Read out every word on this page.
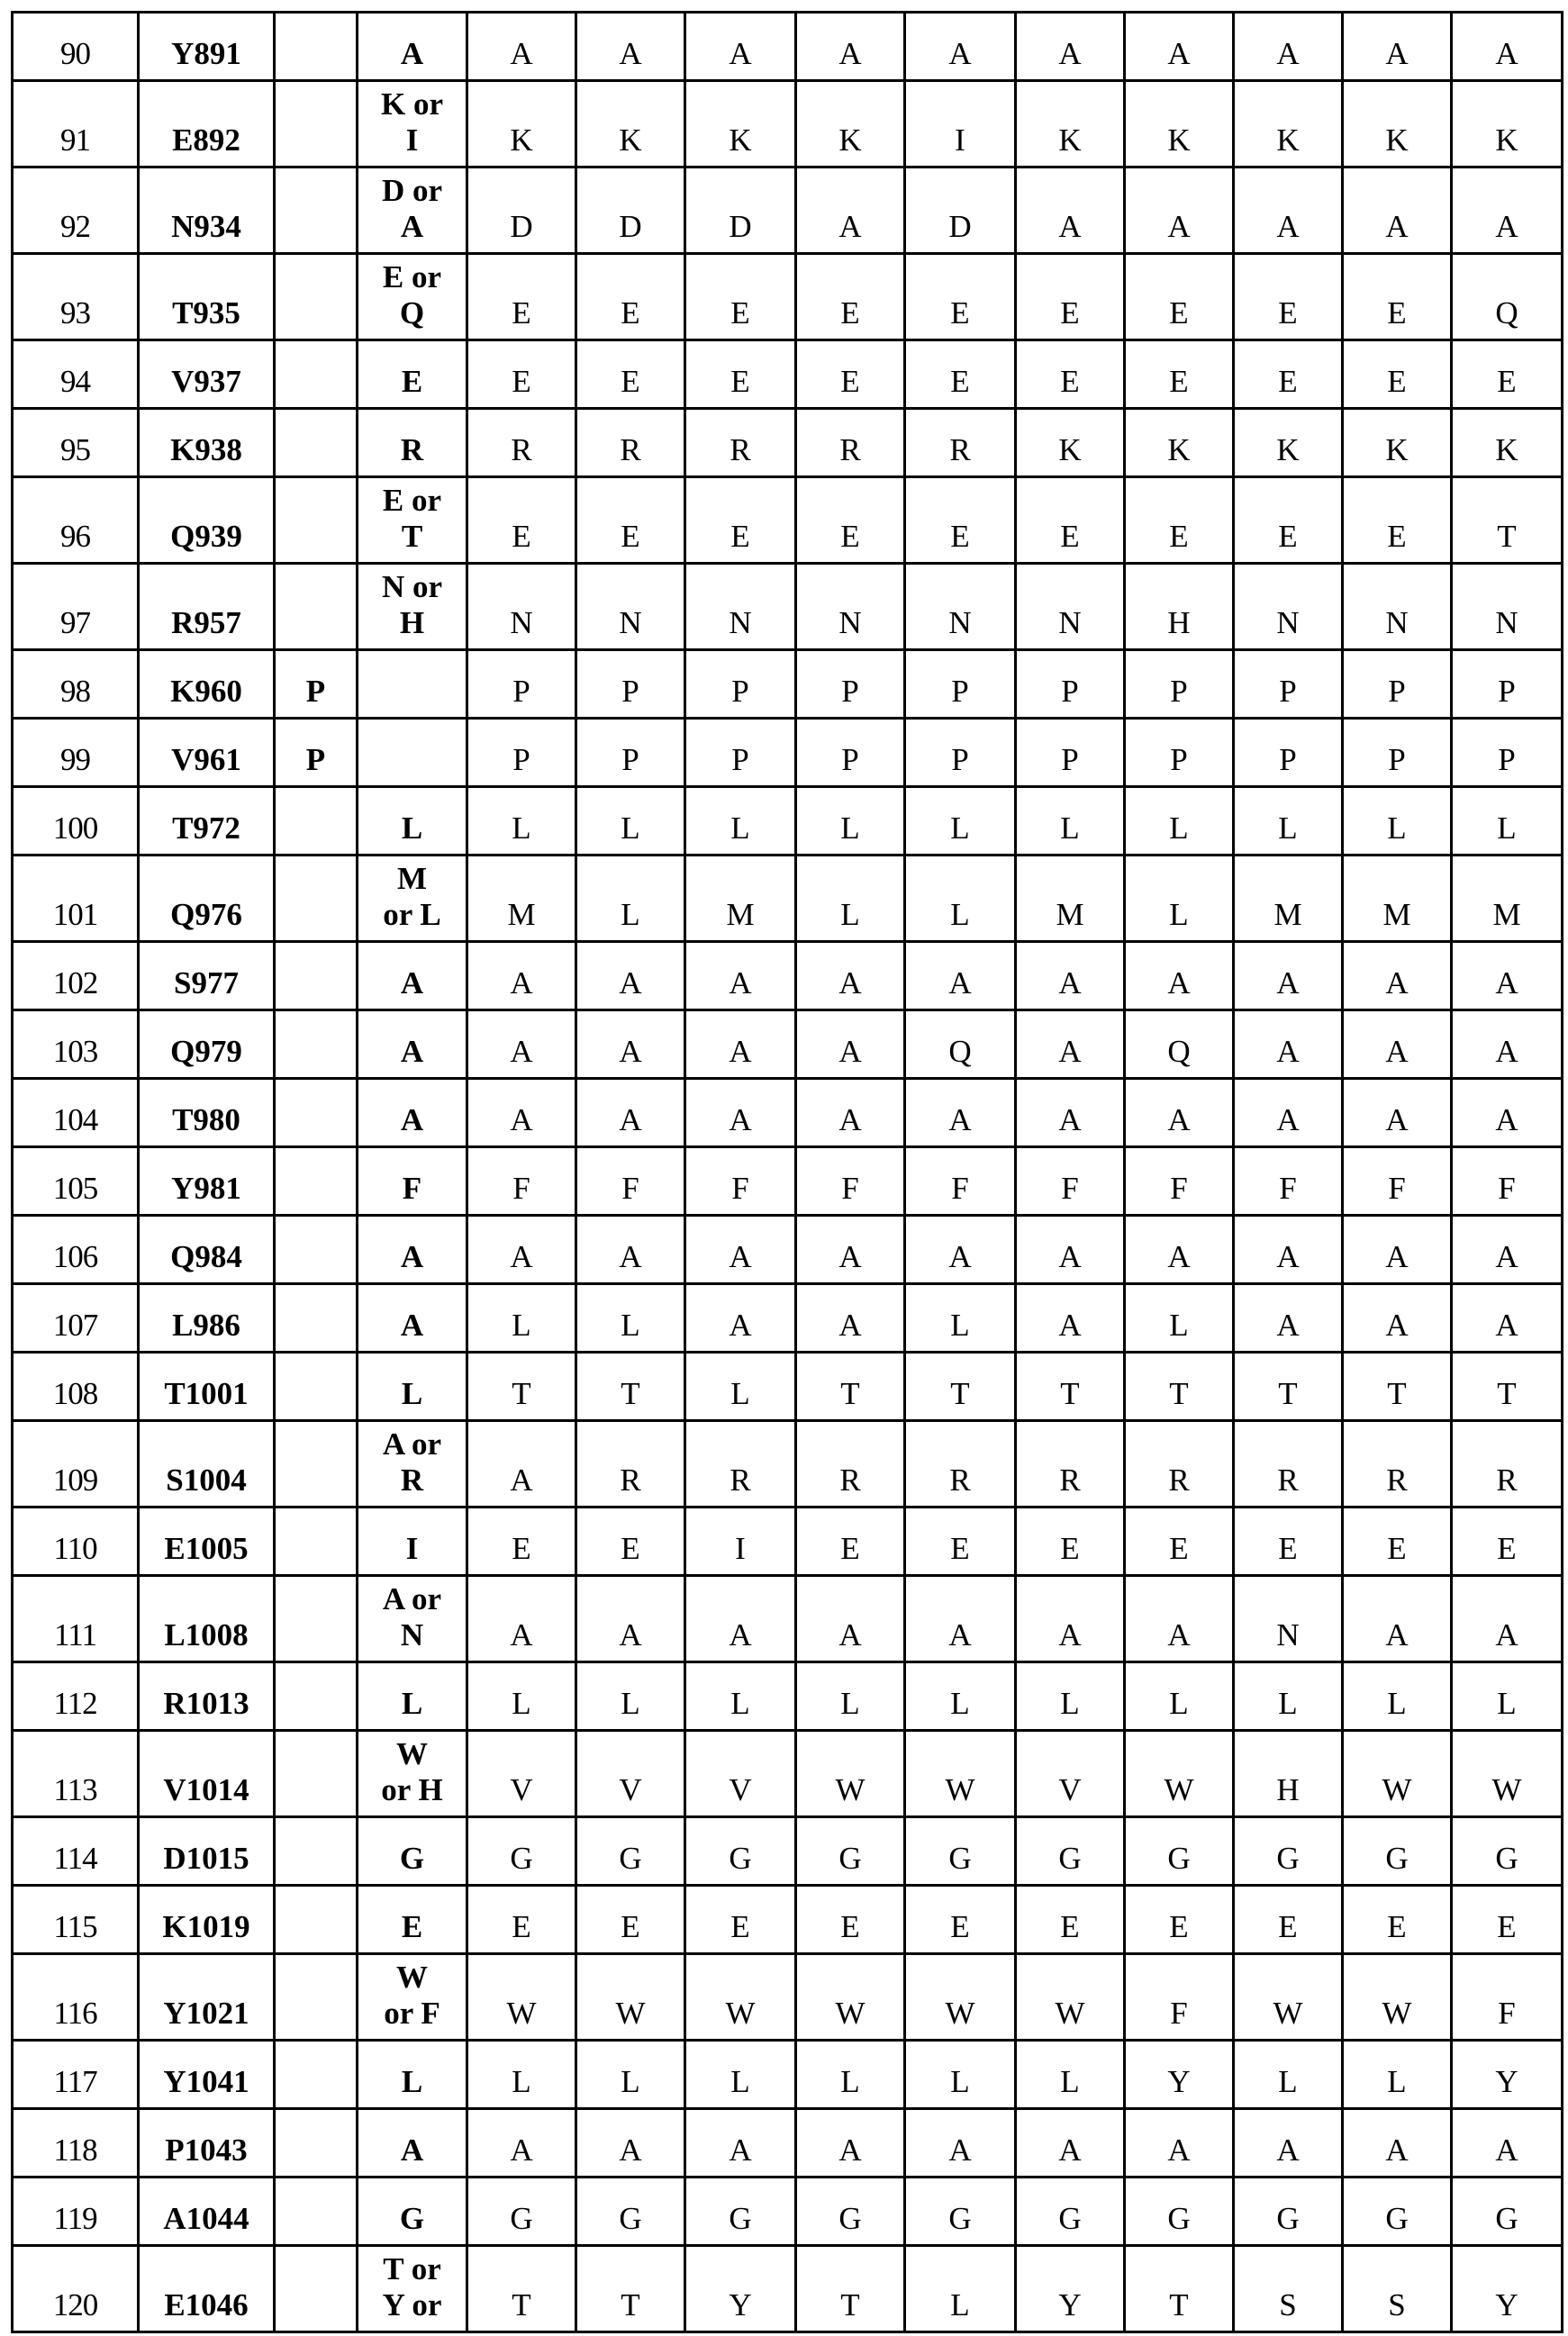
90	Y891		A	A	A	A	A	A	A	A	A	A	A
91	E892		K or
I	K	K	K	K	I	K	K	K	K	K
92	N934		D or
A	D	D	D	A	D	A	A	A	A	A
93	T935		E or
Q	E	E	E	E	E	E	E	E	E	Q
94	V937		E	E	E	E	E	E	E	E	E	E	E
95	K938		R	R	R	R	R	R	K	K	K	K	K
96	Q939		E or
T	E	E	E	E	E	E	E	E	E	T
97	R957		N or
H	N	N	N	N	N	N	H	N	N	N
98	K960	P		P	P	P	P	P	P	P	P	P	P
99	V961	P		P	P	P	P	P	P	P	P	P	P
100	T972		L	L	L	L	L	L	L	L	L	L	L
101	Q976		M
or L	M	L	M	L	L	M	L	M	M	M
102	S977		A	A	A	A	A	A	A	A	A	A	A
103	Q979		A	A	A	A	A	Q	A	Q	A	A	A
104	T980		A	A	A	A	A	A	A	A	A	A	A
105	Y981		F	F	F	F	F	F	F	F	F	F	F
106	Q984		A	A	A	A	A	A	A	A	A	A	A
107	L986		A	L	L	A	A	L	A	L	A	A	A
108	T1001		L	T	T	L	T	T	T	T	T	T	T
109	S1004		A or
R	A	R	R	R	R	R	R	R	R	R
110	E1005		I	E	E	I	E	E	E	E	E	E	E
111	L1008		A or
N	A	A	A	A	A	A	A	N	A	A
112	R1013		L	L	L	L	L	L	L	L	L	L	L
113	V1014		W
or H	V	V	V	W	W	V	W	H	W	W
114	D1015		G	G	G	G	G	G	G	G	G	G	G
115	K1019		E	E	E	E	E	E	E	E	E	E	E
116	Y1021		W
or F	W	W	W	W	W	W	F	W	W	F
117	Y1041		L	L	L	L	L	L	L	Y	L	L	Y
118	P1043		A	A	A	A	A	A	A	A	A	A	A
119	A1044		G	G	G	G	G	G	G	G	G	G	G
120	E1046		T or
Y or	T	T	Y	T	L	Y	T	S	S	Y
